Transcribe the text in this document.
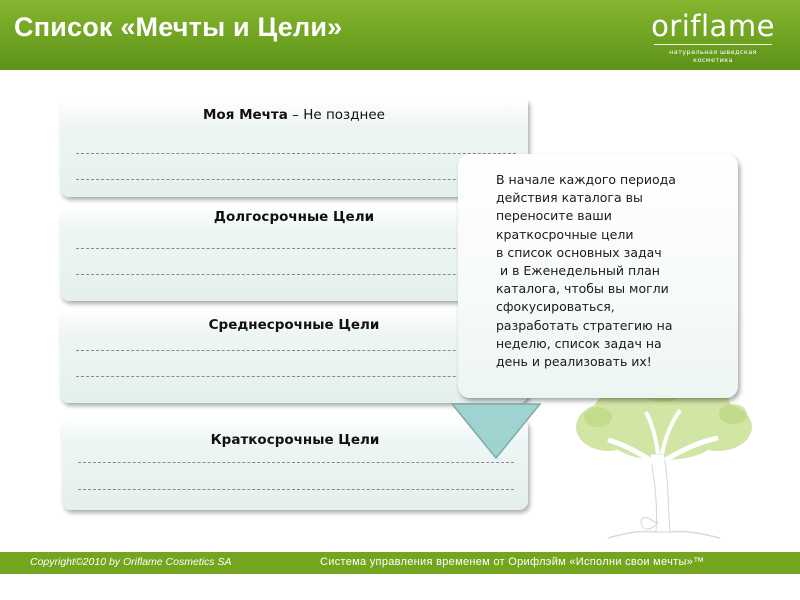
Список «Мечты и Цели»	oriflame
натуральная шведская косметика
Моя Мечта – Не позднее
Долгосрочные Цели
Среднесрочные Цели
Краткосрочные Цели
В начале каждого периода
действия каталога вы
переносите ваши
краткосрочные цели
в список основных задач
и в Еженедельный план
каталога, чтобы вы могли
сфокусироваться,
разработать стратегию на
неделю, список задач на
день и реализовать их!
Copyright©2010 by Oriflame Cosmetics SA	Система управления временем от Орифлэйм «Исполни свои мечты»™
